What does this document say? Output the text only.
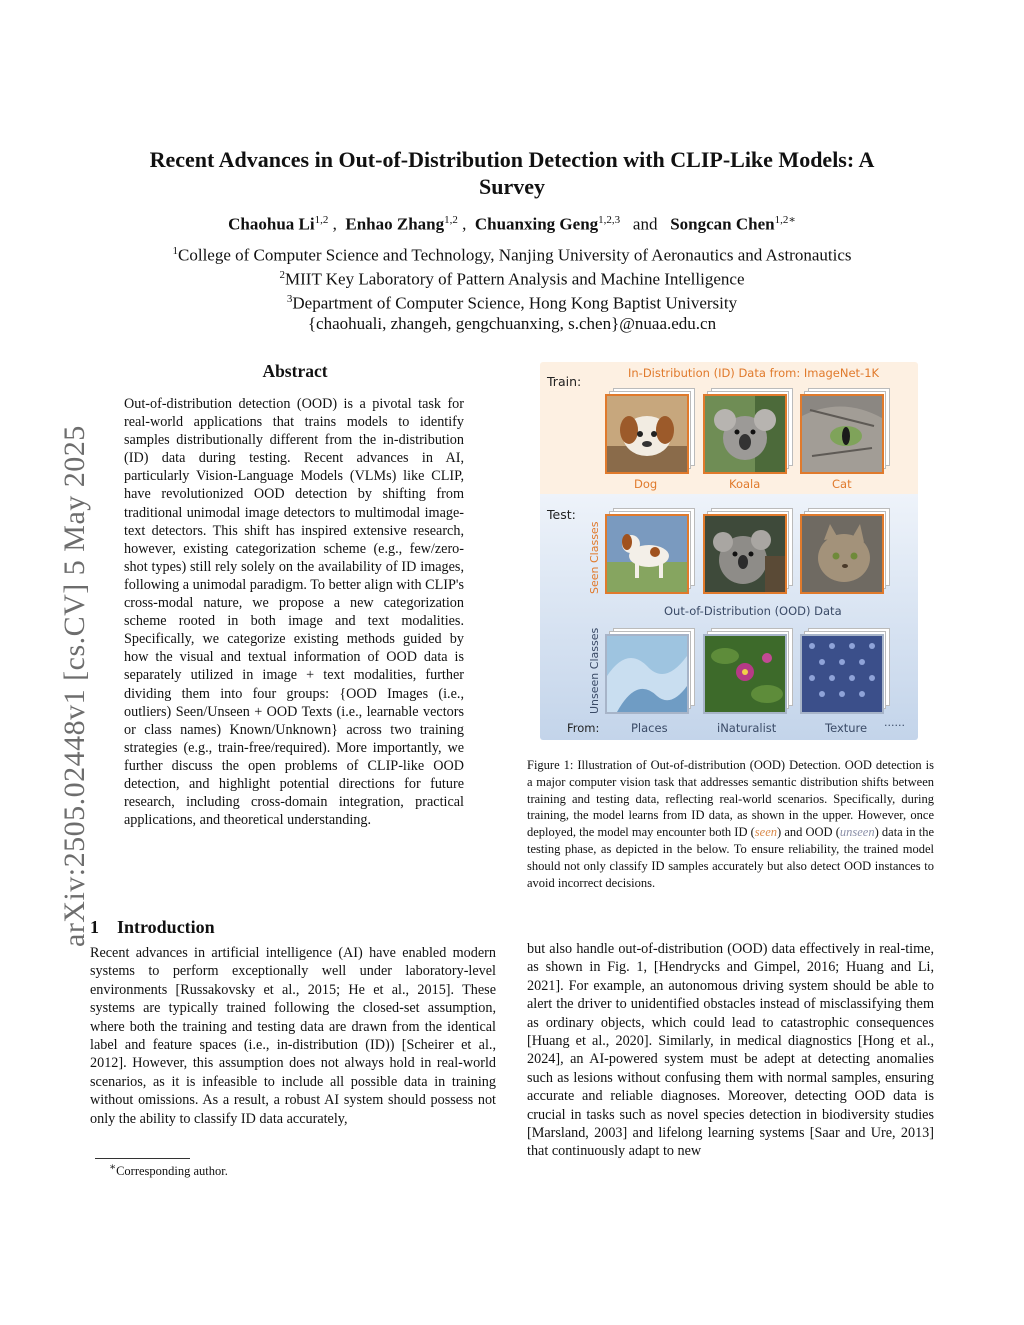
arXiv:2505.02448v1 [cs.CV] 5 May 2025
Recent Advances in Out-of-Distribution Detection with CLIP-Like Models: A
Survey
Chaohua Li$^{1,2}$ ,  Enhao Zhang$^{1,2}$ ,  Chuanxing Geng$^{1,2,3}$ and Songcan Chen$^{1,2∗}$
$^1$College of Computer Science and Technology, Nanjing University of Aeronautics and Astronautics
$^2$MIIT Key Laboratory of Pattern Analysis and Machine Intelligence
$^3$Department of Computer Science, Hong Kong Baptist University
{chaohuali, zhangeh, gengchuanxing, s.chen}@nuaa.edu.cn
Abstract
Out-of-distribution detection (OOD) is a pivotal task for real-world applications that trains models to identify samples distributionally different from the in-distribution (ID) data during testing. Recent advances in AI, particularly Vision-Language Models (VLMs) like CLIP, have revolutionized OOD detection by shifting from traditional unimodal image detectors to multimodal image-text detectors. This shift has inspired extensive research, however, existing categorization scheme (e.g., few/zero-shot types) still rely solely on the availability of ID images, following a unimodal paradigm. To better align with CLIP's cross-modal nature, we propose a new categorization scheme rooted in both image and text modalities. Specifically, we categorize existing methods guided by how the visual and textual information of OOD data is separately utilized in image + text modalities, further dividing them into four groups: {OOD Images (i.e., outliers) Seen/Unseen + OOD Texts (i.e., learnable vectors or class names) Known/Unknown} across two training strategies (e.g., train-free/required). More importantly, we further discuss the open problems of CLIP-like OOD detection, and highlight potential directions for future research, including cross-domain integration, practical applications, and theoretical understanding.
Train:
In-Distribution (ID) Data from: ImageNet-1K
Dog	Koala	Cat
Test:
Seen Classes
Out-of-Distribution (OOD) Data
Unseen Classes
From:	Places	iNaturalist	Texture ······
Figure 1: Illustration of Out-of-distribution (OOD) Detection. OOD detection is a major computer vision task that addresses semantic distribution shifts between training and testing data, reflecting real-world scenarios. Specifically, during training, the model learns from ID data, as shown in the upper. However, once deployed, the model may encounter both ID (seen) and OOD (unseen) data in the testing phase, as depicted in the below. To ensure reliability, the trained model should not only classify ID samples accurately but also detect OOD instances to avoid incorrect decisions.
1 Introduction
Recent advances in artificial intelligence (AI) have enabled modern systems to perform exceptionally well under laboratory-level environments [Russakovsky et al., 2015; He et al., 2015]. These systems are typically trained following the closed-set assumption, where both the training and testing data are drawn from the identical label and feature spaces (i.e., in-distribution (ID)) [Scheirer et al., 2012]. However, this assumption does not always hold in real-world scenarios, as it is infeasible to include all possible data in training without omissions. As a result, a robust AI system should possess not only the ability to classify ID data accurately,
but also handle out-of-distribution (OOD) data effectively in real-time, as shown in Fig. 1, [Hendrycks and Gimpel, 2016; Huang and Li, 2021]. For example, an autonomous driving system should be able to alert the driver to unidentified obstacles instead of misclassifying them as ordinary objects, which could lead to catastrophic consequences [Huang et al., 2020]. Similarly, in medical diagnostics [Hong et al., 2024], an AI-powered system must be adept at detecting anomalies such as lesions without confusing them with normal samples, ensuring accurate and reliable diagnoses. Moreover, detecting OOD data is crucial in tasks such as novel species detection in biodiversity studies [Marsland, 2003] and lifelong learning systems [Saar and Ure, 2013] that continuously adapt to new
∗Corresponding author.
